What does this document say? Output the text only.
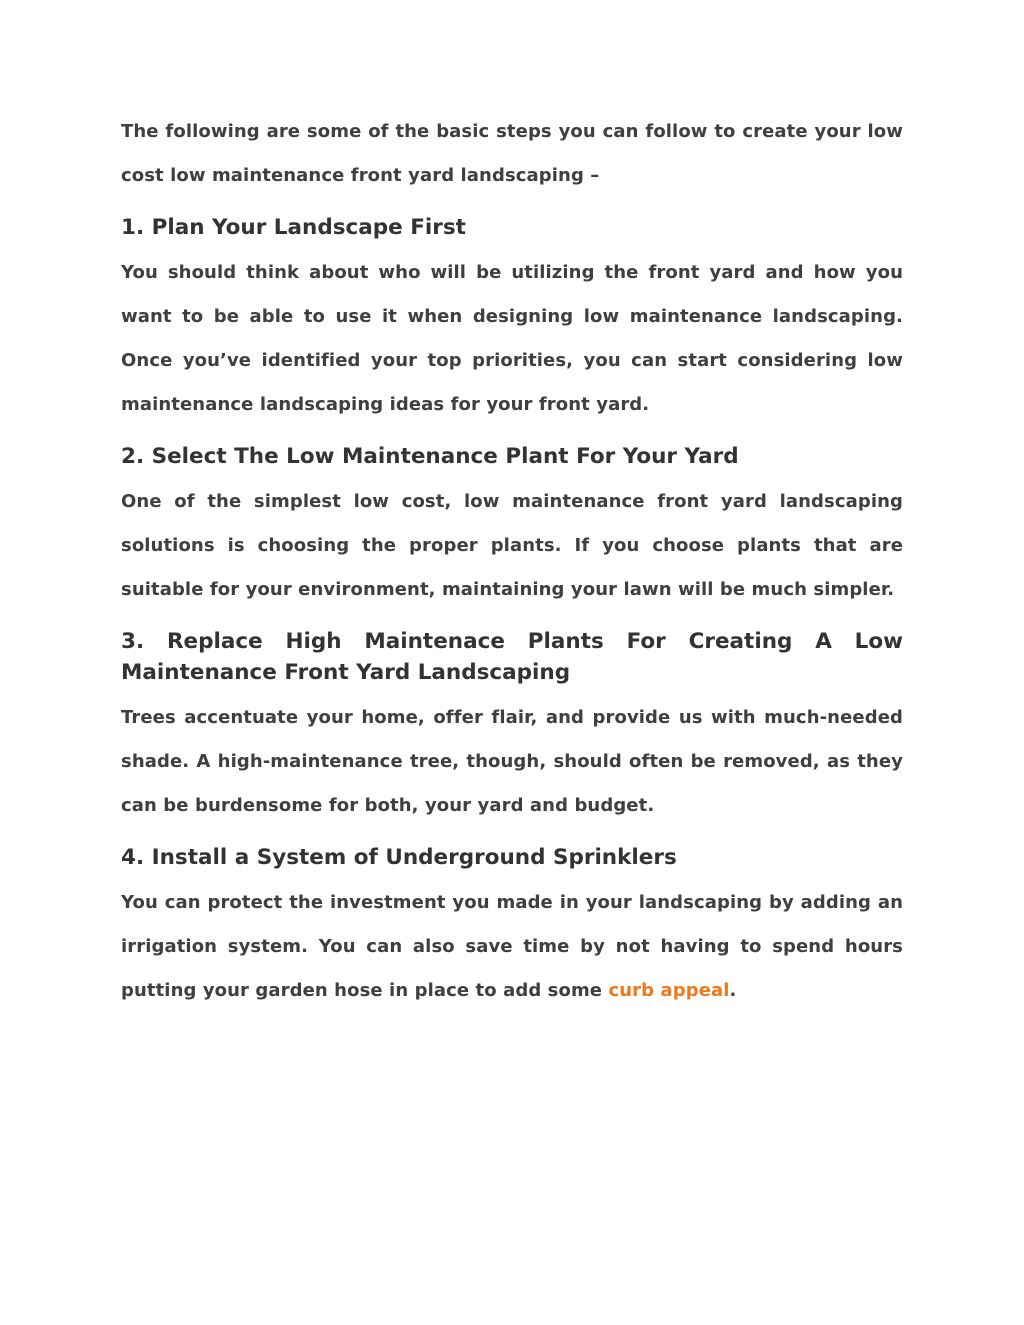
The following are some of the basic steps you can follow to create your low cost low maintenance front yard landscaping –

1. Plan Your Landscape First

You should think about who will be utilizing the front yard and how you want to be able to use it when designing low maintenance landscaping. Once you’ve identified your top priorities, you can start considering low maintenance landscaping ideas for your front yard.

2. Select The Low Maintenance Plant For Your Yard

One of the simplest low cost, low maintenance front yard landscaping solutions is choosing the proper plants. If you choose plants that are suitable for your environment, maintaining your lawn will be much simpler.

3. Replace High Maintenace Plants For Creating A Low Maintenance Front Yard Landscaping

Trees accentuate your home, offer flair, and provide us with much-needed shade. A high-maintenance tree, though, should often be removed, as they can be burdensome for both, your yard and budget.

4. Install a System of Underground Sprinklers

You can protect the investment you made in your landscaping by adding an irrigation system. You can also save time by not having to spend hours putting your garden hose in place to add some curb appeal.
